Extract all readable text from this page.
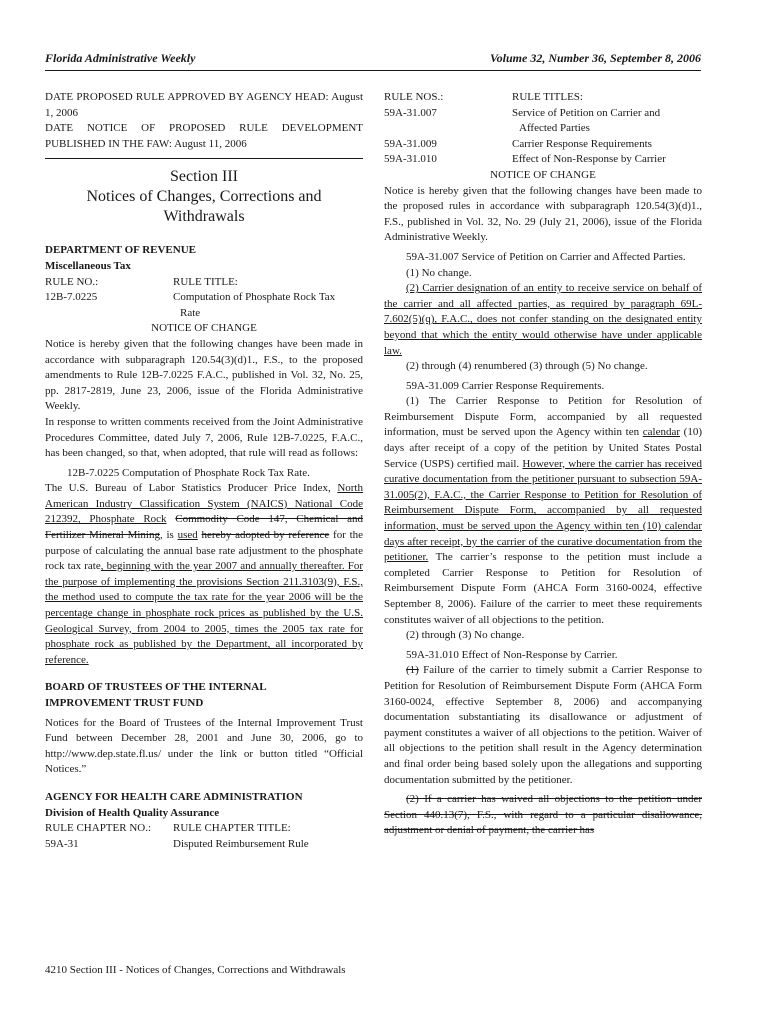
Florida Administrative Weekly	Volume 32, Number 36, September 8, 2006

DATE PROPOSED RULE APPROVED BY AGENCY HEAD: August 1, 2006

DATE NOTICE OF PROPOSED RULE DEVELOPMENT PUBLISHED IN THE FAW: August 11, 2006

Section III
Notices of Changes, Corrections and
Withdrawals

DEPARTMENT OF REVENUE

Miscellaneous Tax

RULE NO.:	RULE TITLE:
12B-7.0225	Computation of Phosphate Rock Tax
Rate

NOTICE OF CHANGE

Notice is hereby given that the following changes have been made in accordance with subparagraph 120.54(3)(d)1., F.S., to the proposed amendments to Rule 12B-7.0225 F.A.C., published in Vol. 32, No. 25, pp. 2817-2819, June 23, 2006, issue of the Florida Administrative Weekly.

In response to written comments received from the Joint Administrative Procedures Committee, dated July 7, 2006, Rule 12B-7.0225, F.A.C., has been changed, so that, when adopted, that rule will read as follows:

12B-7.0225 Computation of Phosphate Rock Tax Rate.

The U.S. Bureau of Labor Statistics Producer Price Index, North American Industry Classification System (NAICS) National Code 212392, Phosphate Rock Commodity Code 147, Chemical and Fertilizer Mineral Mining, is used hereby adopted by reference for the purpose of calculating the annual base rate adjustment to the phosphate rock tax rate, beginning with the year 2007 and annually thereafter. For the purpose of implementing the provisions Section 211.3103(9), F.S., the method used to compute the tax rate for the year 2006 will be the percentage change in phosphate rock prices as published by the U.S. Geological Survey, from 2004 to 2005, times the 2005 tax rate for phosphate rock as published by the Department, all incorporated by reference.

BOARD OF TRUSTEES OF THE INTERNAL
IMPROVEMENT TRUST FUND

Notices for the Board of Trustees of the Internal Improvement Trust Fund between December 28, 2001 and June 30, 2006, go to http://www.dep.state.fl.us/ under the link or button titled “Official Notices.”

AGENCY FOR HEALTH CARE ADMINISTRATION

Division of Health Quality Assurance

RULE CHAPTER NO.:	RULE CHAPTER TITLE:
59A-31	Disputed Reimbursement Rule
RULE NOS.:	RULE TITLES:
59A-31.007	Service of Petition on Carrier and
Affected Parties
59A-31.009	Carrier Response Requirements
59A-31.010	Effect of Non-Response by Carrier

NOTICE OF CHANGE

Notice is hereby given that the following changes have been made to the proposed rules in accordance with subparagraph 120.54(3)(d)1., F.S., published in Vol. 32, No. 29 (July 21, 2006), issue of the Florida Administrative Weekly.

59A-31.007 Service of Petition on Carrier and Affected Parties.

(1) No change.

(2) Carrier designation of an entity to receive service on behalf of the carrier and all affected parties, as required by paragraph 69L-7.602(5)(q), F.A.C., does not confer standing on the designated entity beyond that which the entity would otherwise have under applicable law.

(2) through (4) renumbered (3) through (5) No change.

59A-31.009 Carrier Response Requirements.

(1) The Carrier Response to Petition for Resolution of Reimbursement Dispute Form, accompanied by all requested information, must be served upon the Agency within ten calendar (10) days after receipt of a copy of the petition by United States Postal Service (USPS) certified mail. However, where the carrier has received curative documentation from the petitioner pursuant to subsection 59A-31.005(2), F.A.C., the Carrier Response to Petition for Resolution of Reimbursement Dispute Form, accompanied by all requested information, must be served upon the Agency within ten (10) calendar days after receipt, by the carrier of the curative documentation from the petitioner. The carrier’s response to the petition must include a completed Carrier Response to Petition for Resolution of Reimbursement Dispute Form (AHCA Form 3160-0024, effective September 8, 2006). Failure of the carrier to meet these requirements constitutes waiver of all objections to the petition.

(2) through (3) No change.

59A-31.010 Effect of Non-Response by Carrier.

(1) Failure of the carrier to timely submit a Carrier Response to Petition for Resolution of Reimbursement Dispute Form (AHCA Form 3160-0024, effective September 8, 2006) and accompanying documentation substantiating its disallowance or adjustment of payment constitutes a waiver of all objections to the petition. Waiver of all objections to the petition shall result in the Agency determination and final order being based solely upon the allegations and supporting documentation submitted by the petitioner.

(2) If a carrier has waived all objections to the petition under Section 440.13(7), F.S., with regard to a particular disallowance, adjustment or denial of payment, the carrier has

4210 Section III - Notices of Changes, Corrections and Withdrawals
